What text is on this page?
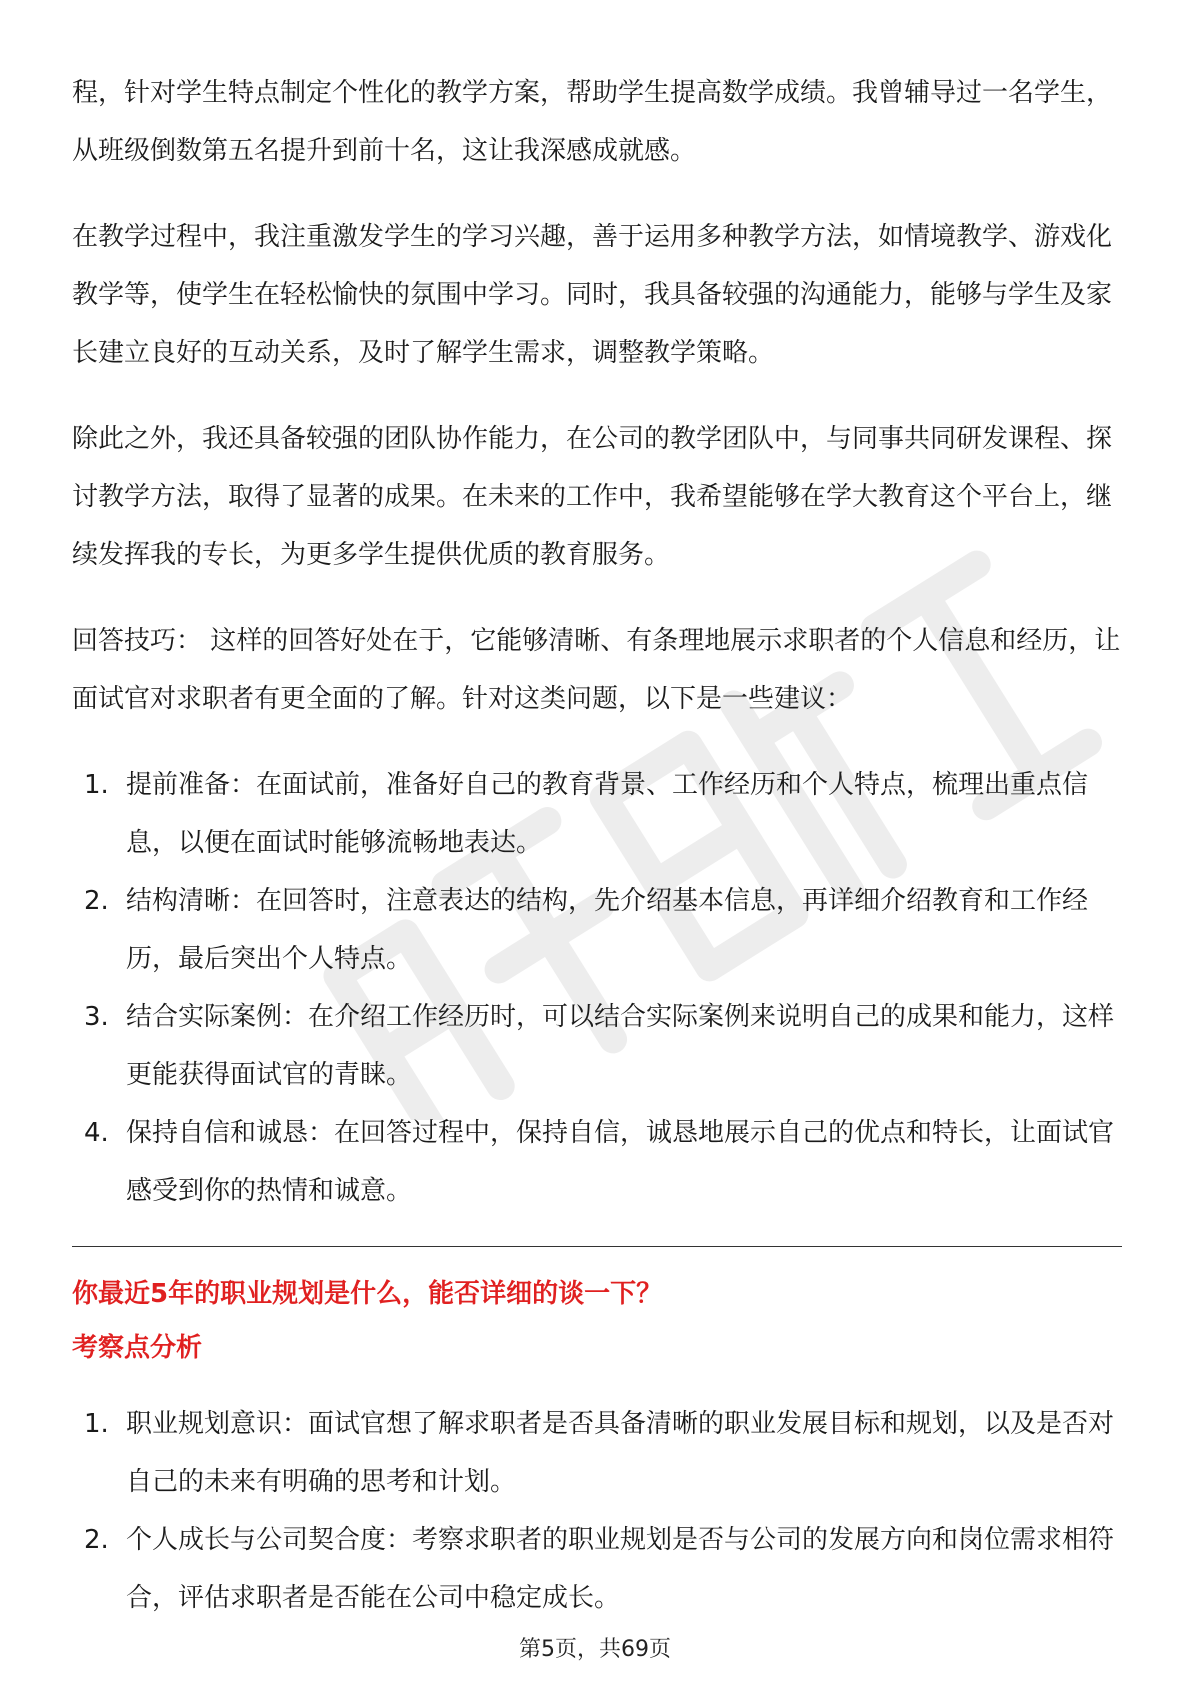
程，针对学生特点制定个性化的教学方案，帮助学生提高数学成绩。我曾辅导过一名学生，从班级倒数第五名提升到前十名，这让我深感成就感。

在教学过程中，我注重激发学生的学习兴趣，善于运用多种教学方法，如情境教学、游戏化教学等，使学生在轻松愉快的氛围中学习。同时，我具备较强的沟通能力，能够与学生及家长建立良好的互动关系，及时了解学生需求，调整教学策略。

除此之外，我还具备较强的团队协作能力，在公司的教学团队中，与同事共同研发课程、探讨教学方法，取得了显著的成果。在未来的工作中，我希望能够在学大教育这个平台上，继续发挥我的专长，为更多学生提供优质的教育服务。

回答技巧： 这样的回答好处在于，它能够清晰、有条理地展示求职者的个人信息和经历，让面试官对求职者有更全面的了解。针对这类问题，以下是一些建议：

1. 提前准备：在面试前，准备好自己的教育背景、工作经历和个人特点，梳理出重点信息，以便在面试时能够流畅地表达。
2. 结构清晰：在回答时，注意表达的结构，先介绍基本信息，再详细介绍教育和工作经历，最后突出个人特点。
3. 结合实际案例：在介绍工作经历时，可以结合实际案例来说明自己的成果和能力，这样更能获得面试官的青睐。
4. 保持自信和诚恳：在回答过程中，保持自信，诚恳地展示自己的优点和特长，让面试官感受到你的热情和诚意。

你最近5年的职业规划是什么，能否详细的谈一下？

考察点分析

1. 职业规划意识：面试官想了解求职者是否具备清晰的职业发展目标和规划，以及是否对自己的未来有明确的思考和计划。
2. 个人成长与公司契合度：考察求职者的职业规划是否与公司的发展方向和岗位需求相符合，评估求职者是否能在公司中稳定成长。
第5页，共69页
